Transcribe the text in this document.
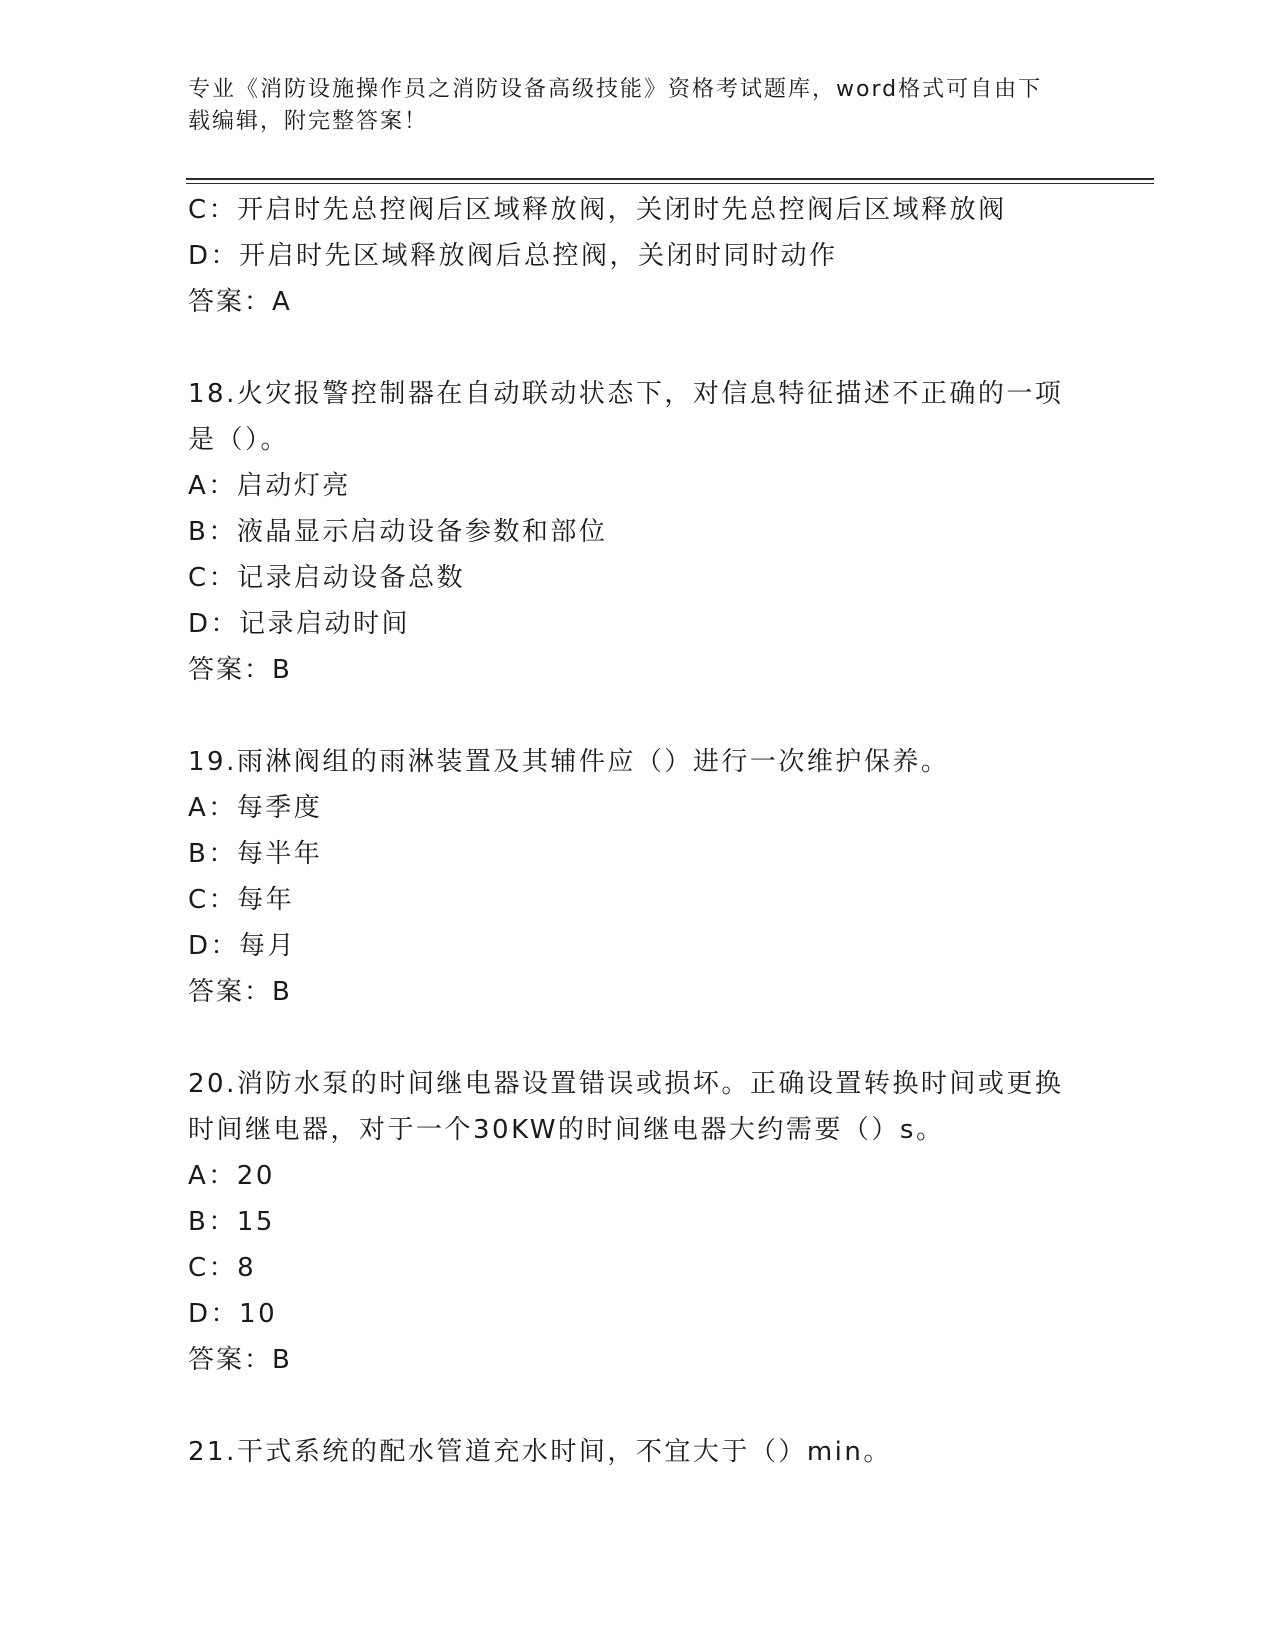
专业《消防设施操作员之消防设备高级技能》资格考试题库，word格式可自由下
载编辑，附完整答案！
C：开启时先总控阀后区域释放阀，关闭时先总控阀后区域释放阀
D：开启时先区域释放阀后总控阀，关闭时同时动作
答案：A
18.火灾报警控制器在自动联动状态下，对信息特征描述不正确的一项
是（）。
A：启动灯亮
B：液晶显示启动设备参数和部位
C：记录启动设备总数
D：记录启动时间
答案：B
19.雨淋阀组的雨淋装置及其辅件应（）进行一次维护保养。
A：每季度
B：每半年
C：每年
D：每月
答案：B
20.消防水泵的时间继电器设置错误或损坏。正确设置转换时间或更换
时间继电器，对于一个30KW的时间继电器大约需要（）s。
A：20
B：15
C：8
D：10
答案：B
21.干式系统的配水管道充水时间，不宜大于（）min。
